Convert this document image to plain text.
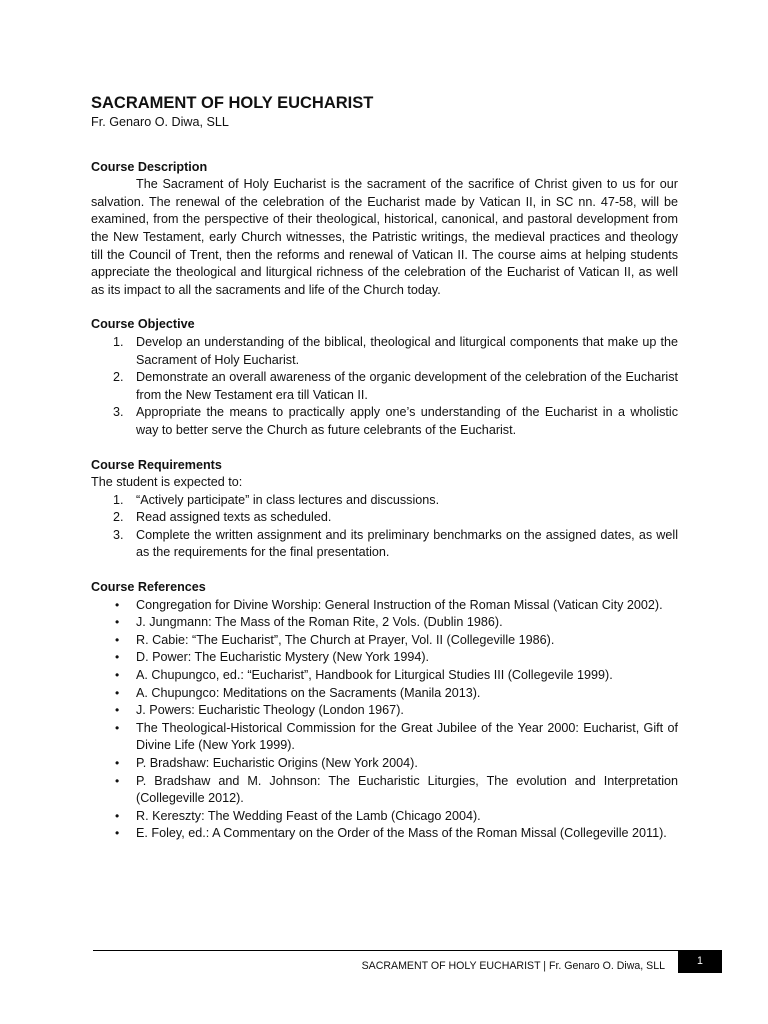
SACRAMENT OF HOLY EUCHARIST

Fr. Genaro O. Diwa, SLL

Course Description

The Sacrament of Holy Eucharist is the sacrament of the sacrifice of Christ given to us for our salvation. The renewal of the celebration of the Eucharist made by Vatican II, in SC nn. 47-58, will be examined, from the perspective of their theological, historical, canonical, and pastoral development from the New Testament, early Church witnesses, the Patristic writings, the medieval practices and theology till the Council of Trent, then the reforms and renewal of Vatican II. The course aims at helping students appreciate the theological and liturgical richness of the celebration of the Eucharist of Vatican II, as well as its impact to all the sacraments and life of the Church today.

Course Objective

1. Develop an understanding of the biblical, theological and liturgical components that make up the Sacrament of Holy Eucharist.
2. Demonstrate an overall awareness of the organic development of the celebration of the Eucharist from the New Testament era till Vatican II.
3. Appropriate the means to practically apply one’s understanding of the Eucharist in a wholistic way to better serve the Church as future celebrants of the Eucharist.

Course Requirements

The student is expected to:

1. “Actively participate” in class lectures and discussions.
2. Read assigned texts as scheduled.
3. Complete the written assignment and its preliminary benchmarks on the assigned dates, as well as the requirements for the final presentation.

Course References

•	Congregation for Divine Worship: General Instruction of the Roman Missal (Vatican City 2002).
•	J. Jungmann: The Mass of the Roman Rite, 2 Vols. (Dublin 1986).
•	R. Cabie: “The Eucharist”, The Church at Prayer, Vol. II (Collegeville 1986).
•	D. Power: The Eucharistic Mystery (New York 1994).
•	A. Chupungco, ed.: “Eucharist”, Handbook for Liturgical Studies III (Collegevile 1999).
•	A. Chupungco: Meditations on the Sacraments (Manila 2013).
•	J. Powers: Eucharistic Theology (London 1967).
•	The Theological-Historical Commission for the Great Jubilee of the Year 2000: Eucharist, Gift of Divine Life (New York 1999).
•	P. Bradshaw: Eucharistic Origins (New York 2004).
•	P. Bradshaw and M. Johnson: The Eucharistic Liturgies, The evolution and Interpretation (Collegeville 2012).
•	R. Kereszty: The Wedding Feast of the Lamb (Chicago 2004).
•	E. Foley, ed.: A Commentary on the Order of the Mass of the Roman Missal (Collegeville 2011).
SACRAMENT OF HOLY EUCHARIST | Fr. Genaro O. Diwa, SLL	1
